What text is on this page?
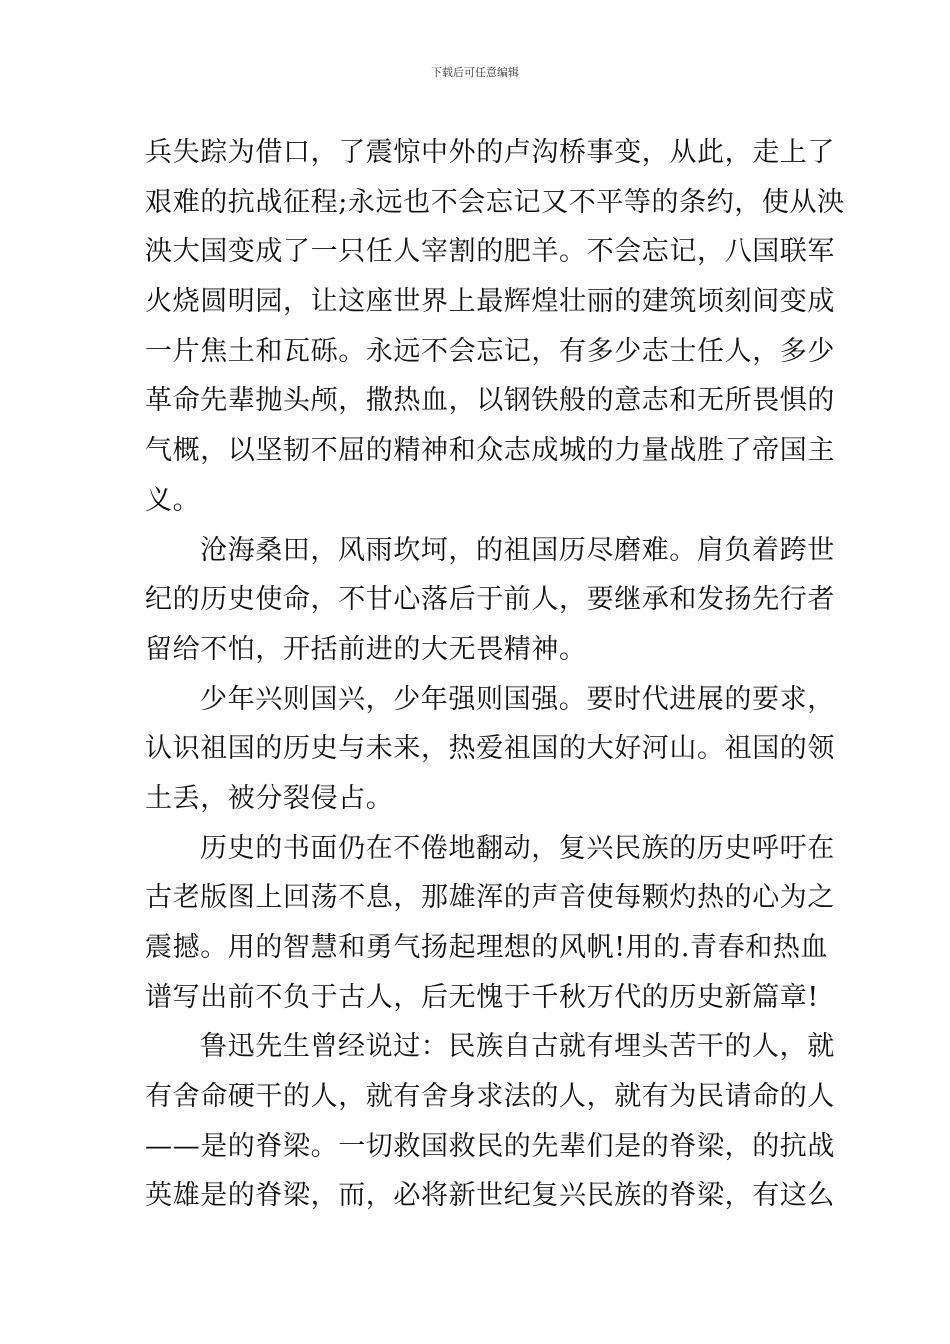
下载后可任意编辑
兵失踪为借口，了震惊中外的卢沟桥事变，从此，走上了
艰难的抗战征程;永远也不会忘记又不平等的条约，使从泱
泱大国变成了一只任人宰割的肥羊。不会忘记，八国联军
火烧圆明园，让这座世界上最辉煌壮丽的建筑顷刻间变成
一片焦土和瓦砾。永远不会忘记，有多少志士任人，多少
革命先辈抛头颅，撒热血，以钢铁般的意志和无所畏惧的
气概，以坚韧不屈的精神和众志成城的力量战胜了帝国主
义。
沧海桑田，风雨坎坷，的祖国历尽磨难。肩负着跨世
纪的历史使命，不甘心落后于前人，要继承和发扬先行者
留给不怕，开括前进的大无畏精神。
少年兴则国兴，少年强则国强。要时代进展的要求，
认识祖国的历史与未来，热爱祖国的大好河山。祖国的领
土丢，被分裂侵占。
历史的书面仍在不倦地翻动，复兴民族的历史呼吁在
古老版图上回荡不息，那雄浑的声音使每颗灼热的心为之
震撼。用的智慧和勇气扬起理想的风帆!用的.青春和热血
谱写出前不负于古人，后无愧于千秋万代的历史新篇章!
鲁迅先生曾经说过：民族自古就有埋头苦干的人，就
有舍命硬干的人，就有舍身求法的人，就有为民请命的人
——是的脊梁。一切救国救民的先辈们是的脊梁，的抗战
英雄是的脊梁，而，必将新世纪复兴民族的脊梁，有这么
